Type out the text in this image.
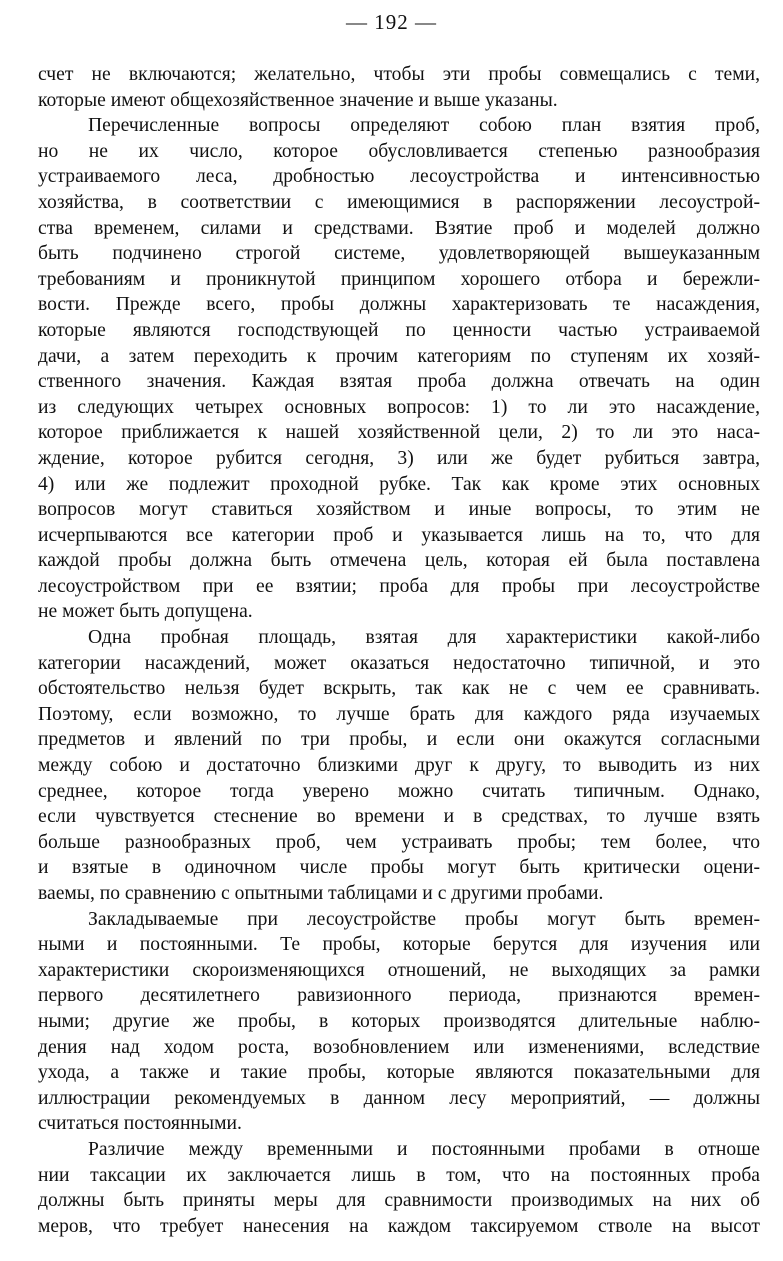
— 192 —
счет не включаются; желательно, чтобы эти пробы совмещались с теми,
которые имеют общехозяйственное значение и выше указаны.
Перечисленные вопросы определяют собою план взятия проб,
но не их число, которое обусловливается степенью разнообразия
устраиваемого леса, дробностью лесоустройства и интенсивностью
хозяйства, в соответствии с имеющимися в распоряжении лесоустрой-
ства временем, силами и средствами. Взятие проб и моделей должно
быть подчинено строгой системе, удовлетворяющей вышеуказанным
требованиям и проникнутой принципом хорошего отбора и бережли-
вости. Прежде всего, пробы должны характеризовать те насаждения,
которые являются господствующей по ценности частью устраиваемой
дачи, а затем переходить к прочим категориям по ступеням их хозяй-
ственного значения. Каждая взятая проба должна отвечать на один
из следующих четырех основных вопросов: 1) то ли это насаждение,
которое приближается к нашей хозяйственной цели, 2) то ли это наса-
ждение, которое рубится сегодня, 3) или же будет рубиться завтра,
4) или же подлежит проходной рубке. Так как кроме этих основных
вопросов могут ставиться хозяйством и иные вопросы, то этим не
исчерпываются все категории проб и указывается лишь на то, что для
каждой пробы должна быть отмечена цель, которая ей была поставлена
лесоустройством при ее взятии; проба для пробы при лесоустройстве
не может быть допущена.
Одна пробная площадь, взятая для характеристики какой-либо
категории насаждений, может оказаться недостаточно типичной, и это
обстоятельство нельзя будет вскрыть, так как не с чем ее сравнивать.
Поэтому, если возможно, то лучше брать для каждого ряда изучаемых
предметов и явлений по три пробы, и если они окажутся согласными
между собою и достаточно близкими друг к другу, то выводить из них
среднее, которое тогда уверено можно считать типичным. Однако,
если чувствуется стеснение во времени и в средствах, то лучше взять
больше разнообразных проб, чем устраивать пробы; тем более, что
и взятые в одиночном числе пробы могут быть критически оцени-
ваемы, по сравнению с опытными таблицами и с другими пробами.
Закладываемые при лесоустройстве пробы могут быть времен-
ными и постоянными. Те пробы, которые берутся для изучения или
характеристики скороизменяющихся отношений, не выходящих за рамки
первого десятилетнего равизионного периода, признаются времен-
ными; другие же пробы, в которых производятся длительные наблю-
дения над ходом роста, возобновлением или изменениями, вследствие
ухода, а также и такие пробы, которые являются показательными для
иллюстрации рекомендуемых в данном лесу мероприятий, — должны
считаться постоянными.
Различие между временными и постоянными пробами в отноше
нии таксации их заключается лишь в том, что на постоянных проба
должны быть приняты меры для сравнимости производимых на них об
меров, что требует нанесения на каждом таксируемом стволе на высот
